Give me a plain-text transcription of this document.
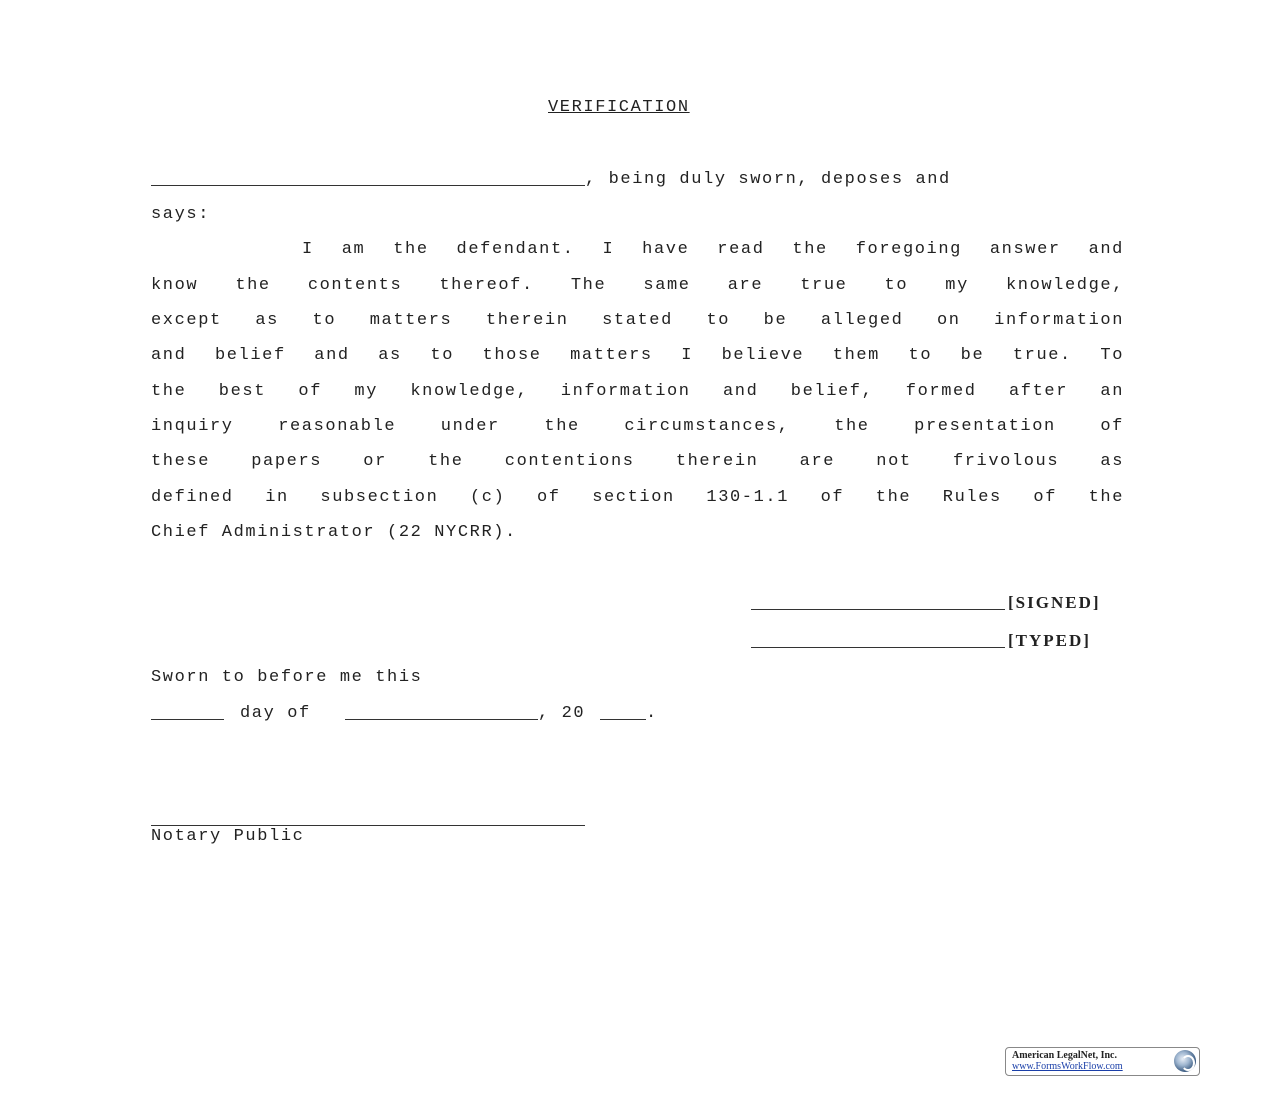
VERIFICATION
, being duly sworn, deposes and
says:
I am the defendant. I have read the foregoing answer and
know the contents thereof. The same are true to my knowledge,
except as to matters therein stated to be alleged on information
and belief and as to those matters I believe them to be true. To
the best of my knowledge, information and belief, formed after an
inquiry reasonable under the circumstances, the presentation of
these papers or the contentions therein are not frivolous as
defined in subsection (c) of section 130-1.1 of the Rules of the
Chief Administrator (22 NYCRR).
[SIGNED]
[TYPED]
Sworn to before me this
day of	, 20	.
Notary Public
American LegalNet, Inc.
www.FormsWorkFlow.com
